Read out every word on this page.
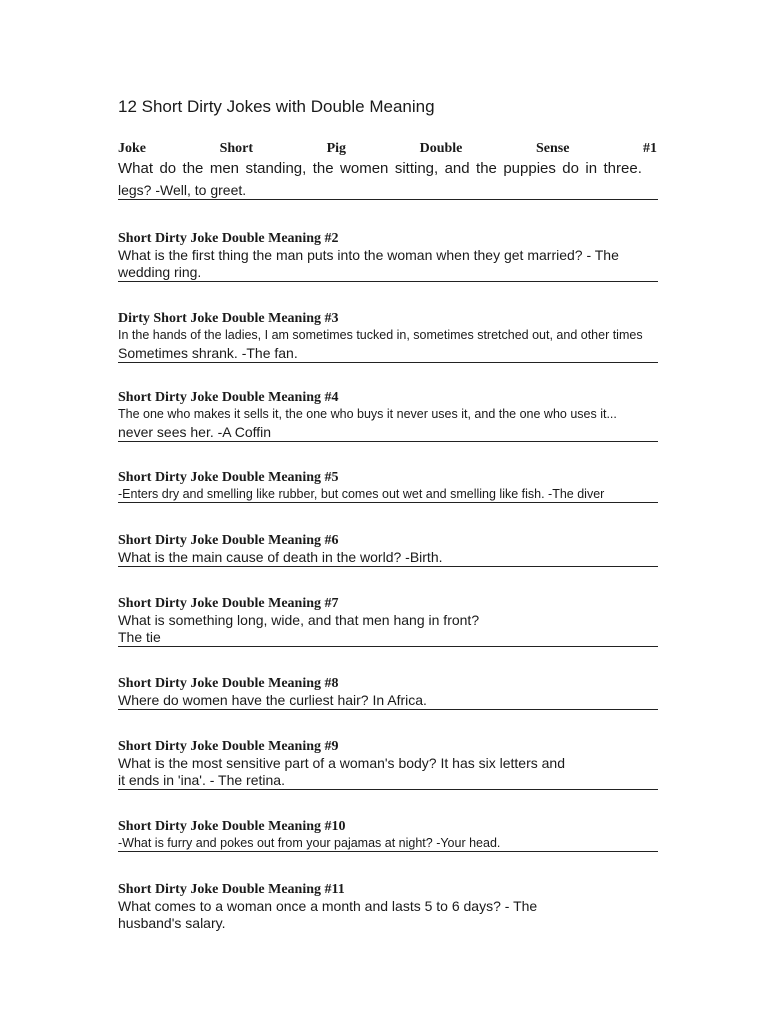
12 Short Dirty Jokes with Double Meaning
Joke	Short	Pig	Double	Sense	#1
What do the men standing, the women sitting, and the puppies do in three.

legs? -Well, to greet.

Short Dirty Joke Double Meaning #2

What is the first thing the man puts into the woman when they get married? - The

wedding ring.

Dirty Short Joke Double Meaning #3

In the hands of the ladies, I am sometimes tucked in, sometimes stretched out, and other times

Sometimes shrank. -The fan.

Short Dirty Joke Double Meaning #4

The one who makes it sells it, the one who buys it never uses it, and the one who uses it...

never sees her. -A Coffin

Short Dirty Joke Double Meaning #5

-Enters dry and smelling like rubber, but comes out wet and smelling like fish. -The diver

Short Dirty Joke Double Meaning #6

What is the main cause of death in the world? -Birth.

Short Dirty Joke Double Meaning #7

What is something long, wide, and that men hang in front?

The tie

Short Dirty Joke Double Meaning #8

Where do women have the curliest hair? In Africa.

Short Dirty Joke Double Meaning #9

What is the most sensitive part of a woman's body? It has six letters and

it ends in 'ina'. - The retina.

Short Dirty Joke Double Meaning #10

-What is furry and pokes out from your pajamas at night? -Your head.

Short Dirty Joke Double Meaning #11

What comes to a woman once a month and lasts 5 to 6 days? - The

husband's salary.
